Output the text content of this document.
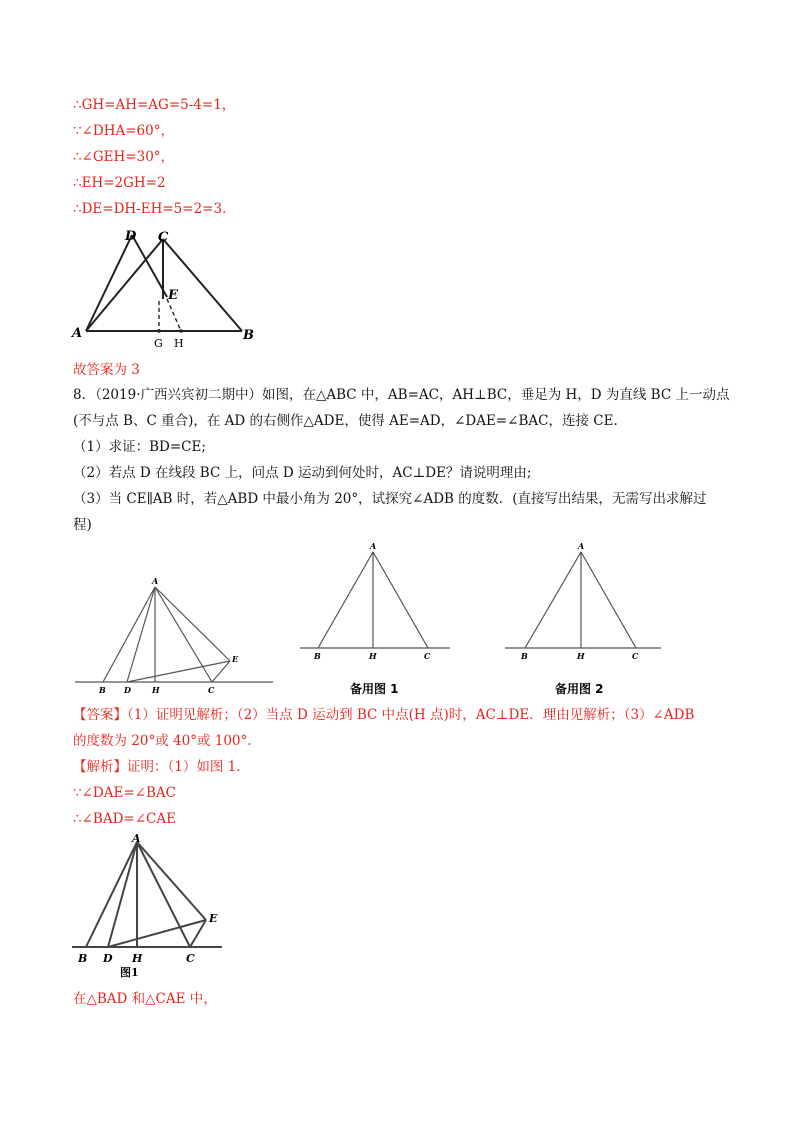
∴GH=AH=AG=5-4=1，
∵∠DHA=60°，
∴∠GEH=30°，
∴EH=2GH=2
∴DE=DH-EH=5=2=3.
D C
E
A	B
G H
故答案为 3
8．（2019·广西兴宾初二期中）如图，在△ABC 中，AB=AC，AH⊥BC，垂足为 H，D 为直线 BC 上一动点
(不与点 B、C 重合)，在 AD 的右侧作△ADE，使得 AE=AD，∠DAE=∠BAC，连接 CE.
（1）求证：BD=CE;
（2）若点 D 在线段 BC 上，问点 D 运动到何处时，AC⊥DE？请说明理由;
（3）当 CE∥AB 时，若△ABD 中最小角为 20°，试探究∠ADB 的度数．(直接写出结果，无需写出求解过
程)
A
B D	H	C
E
A
B	H	C
备用图 1
A
B	H	C
备用图 2
【答案】（1）证明见解析；（2）当点 D 运动到 BC 中点(H 点)时，AC⊥DE．理由见解析；（3）∠ADB
的度数为 20°或 40°或 100°.
【解析】证明：（1）如图 1.
∵∠DAE=∠BAC
∴∠BAD=∠CAE
A
B D H	C
E
图1
在△BAD 和△CAE 中，
